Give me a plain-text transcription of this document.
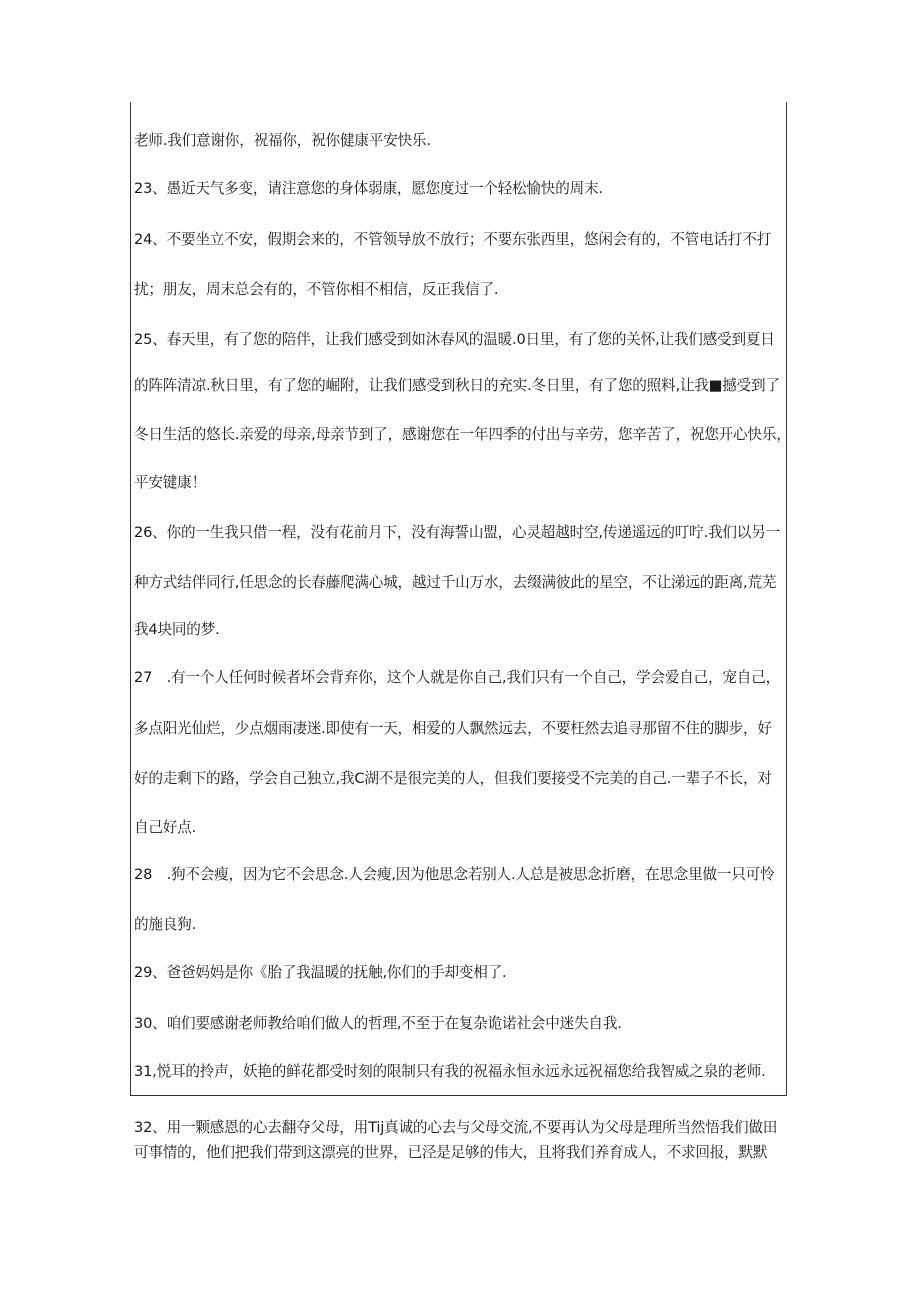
老师.我们意谢你，祝福你，祝你健康平安快乐.
23、愚近天气多变，请注意您的身体弱康，愿您度过一个轻松愉快的周末.
24、不要坐立不安，假期会来的，不管领导放不放行；不要东张西里，悠闲会有的，不管电话打不打
扰；朋友，周末总会有的，不管你相不相信，反正我信了.
25、春天里，有了您的陪伴，让我们感受到如沐春风的温暖.0日里，有了您的关怀,让我们感受到夏日
的阵阵清凉.秋日里，有了您的崛附，让我们感受到秋日的充实.冬日里，有了您的照料,让我■撼受到了
冬日生活的悠长.亲爱的母亲,母亲节到了，感谢您在一年四季的付出与辛劳，您辛苦了，祝您开心快乐，
平安键康！
26、你的一生我只借一程，没有花前月下，没有海誓山盟，心灵超越时空,传递遥远的叮咛.我们以另一
种方式结伴同行,任思念的长春藤爬满心城，越过千山万水，去缀满彼此的星空，不让涕远的距离,荒芜
我4块同的梦.
27　.有一个人任何时候者坏会背弃你，这个人就是你自己,我们只有一个自己，学会爱自己，宠自己，
多点阳光仙烂，少点烟雨凄迷.即使有一天，相爱的人飘然远去，不要枉然去追寻那留不住的脚步，好
好的走剩下的路，学会自己独立,我C湖不是很完美的人，但我们要接受不完美的自己.一辈子不长，对
自己好点.
28　.狗不会瘦，因为它不会思念.人会瘦,因为他思念若别人.人总是被思念折磨，在思念里做一只可怜
的施良狗.
29、爸爸妈妈是你《胎了我温暖的抚触,你们的手却变相了.
30、咱们要感谢老师教给咱们做人的哲理,不至于在复杂诡诺社会中迷失自我.
31,悦耳的拎声，妖艳的鲜花都受时刻的限制只有我的祝福永恒永远永远祝福您给我智威之泉的老师.
32、用一颗感恩的心去翻夺父母，用Tij真诚的心去与父母交流,不要再认为父母是理所当然悟我们做田
可事情的，他们把我们带到这漂亮的世界，已泾是足够的伟大，且将我们养育成人，不求回报，默默
